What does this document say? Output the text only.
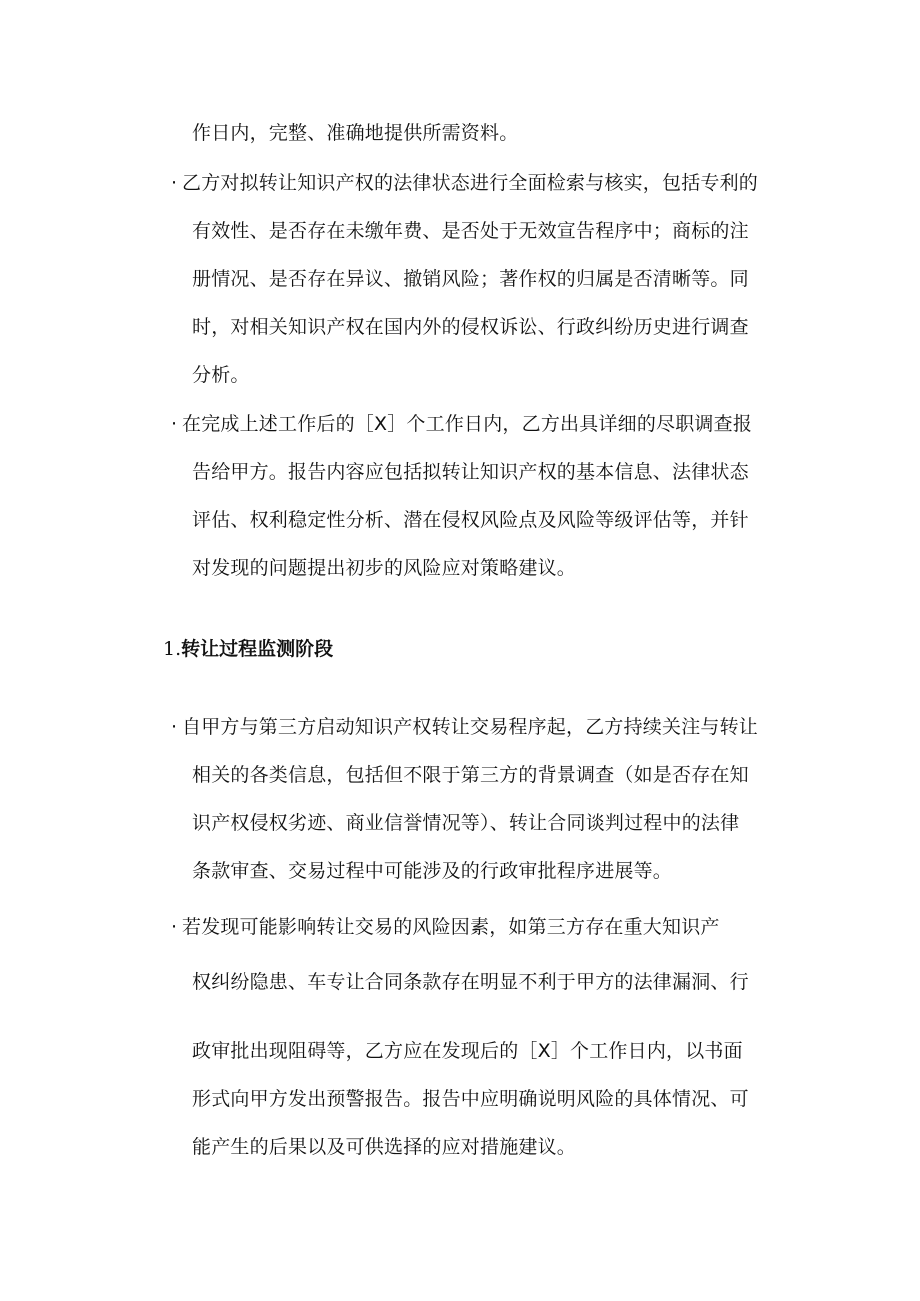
作日内，完整、准确地提供所需资料。
· 乙方对拟转让知识产权的法律状态进行全面检索与核实，包括专利的
有效性、是否存在未缴年费、是否处于无效宣告程序中；商标的注
册情况、是否存在异议、撤销风险；著作权的归属是否清晰等。同
时，对相关知识产权在国内外的侵权诉讼、行政纠纷历史进行调查
分析。
· 在完成上述工作后的［X］个工作日内，乙方出具详细的尽职调查报
告给甲方。报告内容应包括拟转让知识产权的基本信息、法律状态
评估、权利稳定性分析、潜在侵权风险点及风险等级评估等，并针
对发现的问题提出初步的风险应对策略建议。
1.转让过程监测阶段
· 自甲方与第三方启动知识产权转让交易程序起，乙方持续关注与转让
相关的各类信息，包括但不限于第三方的背景调查（如是否存在知
识产权侵权劣迹、商业信誉情况等）、转让合同谈判过程中的法律
条款审查、交易过程中可能涉及的行政审批程序进展等。
· 若发现可能影响转让交易的风险因素，如第三方存在重大知识产
权纠纷隐患、车专让合同条款存在明显不利于甲方的法律漏洞、行
政审批出现阻碍等，乙方应在发现后的［X］个工作日内，以书面
形式向甲方发出预警报告。报告中应明确说明风险的具体情况、可
能产生的后果以及可供选择的应对措施建议。
